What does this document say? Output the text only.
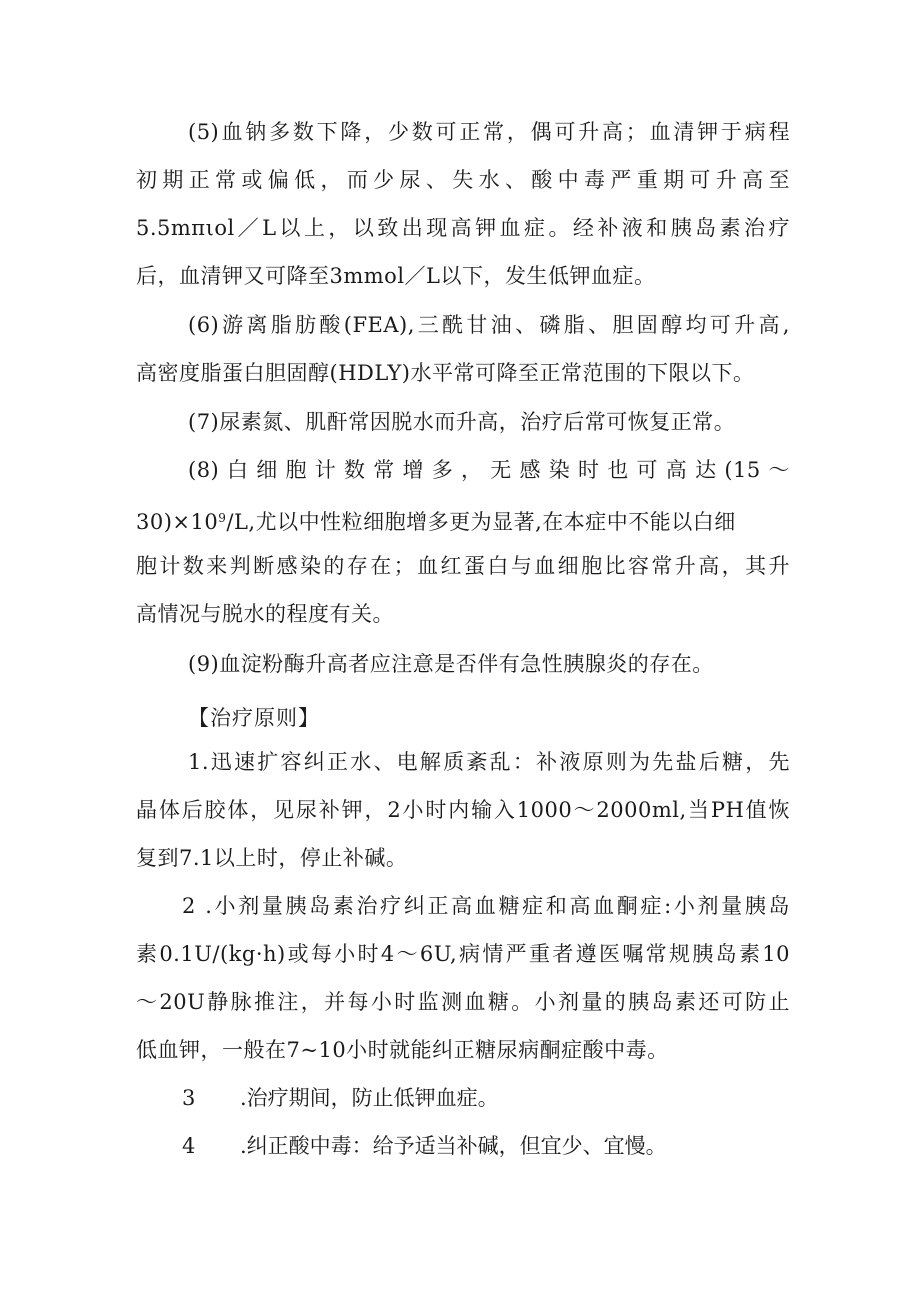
(5)血钠多数下降，少数可正常，偶可升高；血清钾于病程
初期正常或偏低，而少尿、失水、酸中毒严重期可升高至
5.5mπιol／L以上，以致出现高钾血症。经补液和胰岛素治疗
后，血清钾又可降至3mmol／L以下，发生低钾血症。
(6)游离脂肪酸(FEA),三酰甘油、磷脂、胆固醇均可升高,
高密度脂蛋白胆固醇(HDLY)水平常可降至正常范围的下限以下。
(7)尿素氮、肌酐常因脱水而升高，治疗后常可恢复正常。
(8)白细胞计数常增多，无感染时也可高达(15～
$30)\times 10^9/L$,尤以中性粒细胞增多更为显著,在本症中不能以白细
胞计数来判断感染的存在；血红蛋白与血细胞比容常升高，其升
高情况与脱水的程度有关。
(9)血淀粉酶升高者应注意是否伴有急性胰腺炎的存在。
【治疗原则】
1.迅速扩容纠正水、电解质紊乱：补液原则为先盐后糖，先
晶体后胶体，见尿补钾，2小时内输入1000～2000ml,当PH值恢
复到7.1以上时，停止补碱。
2 .小剂量胰岛素治疗纠正高血糖症和高血酮症:小剂量胰岛
素0.1U/(kg·h)或每小时4～6U,病情严重者遵医嘱常规胰岛素10
～20U静脉推注，并每小时监测血糖。小剂量的胰岛素还可防止
低血钾，一般在7~10小时就能纠正糖尿病酮症酸中毒。
3 .治疗期间，防止低钾血症。
4 .纠正酸中毒：给予适当补碱，但宜少、宜慢。
